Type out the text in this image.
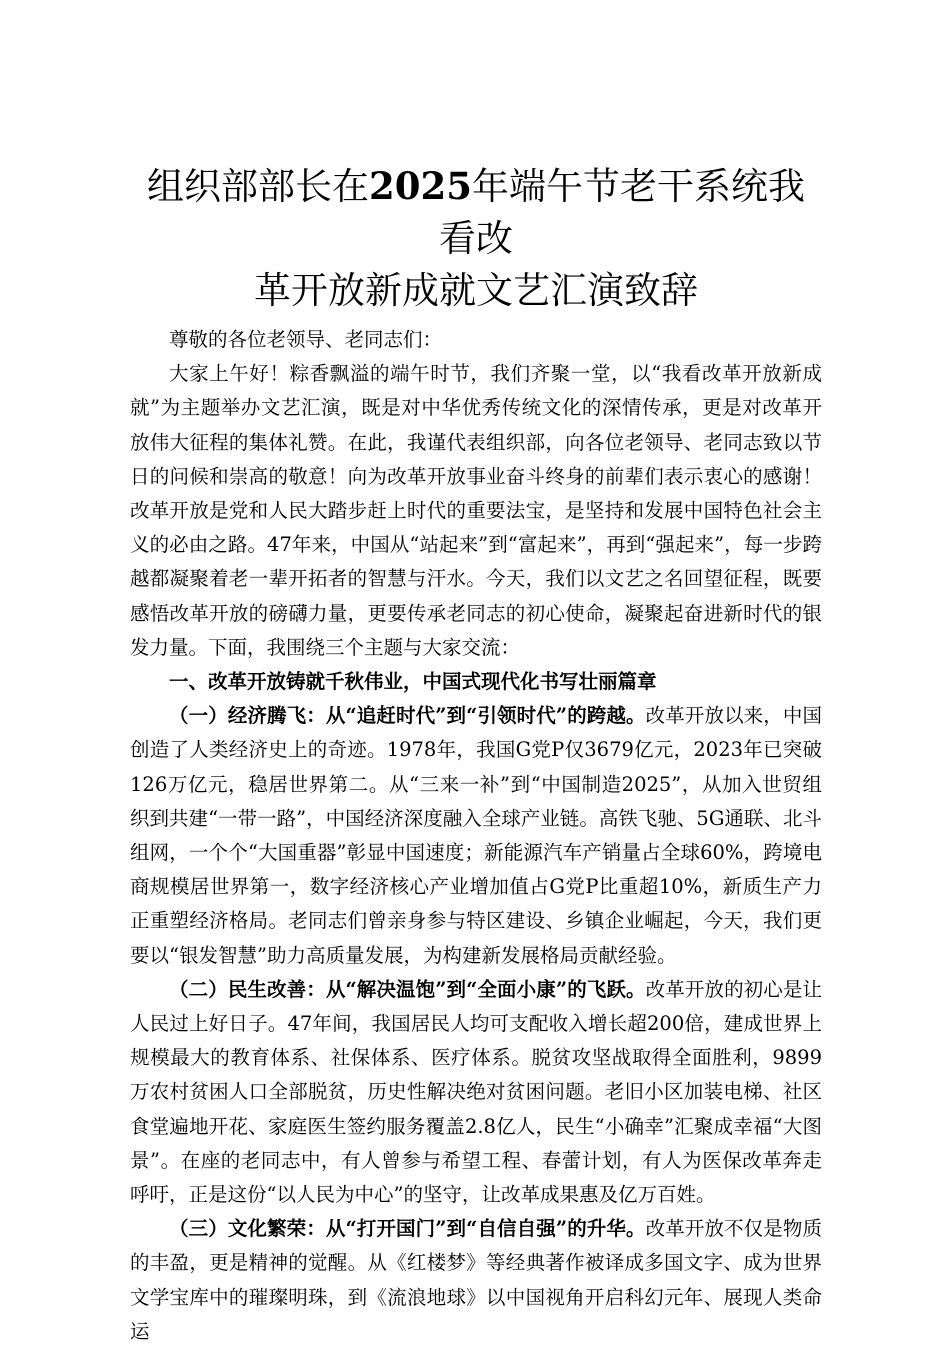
组织部部长在2025年端午节老干系统我看改
革开放新成就文艺汇演致辞

尊敬的各位老领导、老同志们：

大家上午好！粽香飘溢的端午时节，我们齐聚一堂，以“我看改革开放新成就”为主题举办文艺汇演，既是对中华优秀传统文化的深情传承，更是对改革开放伟大征程的集体礼赞。在此，我谨代表组织部，向各位老领导、老同志致以节日的问候和崇高的敬意！向为改革开放事业奋斗终身的前辈们表示衷心的感谢！改革开放是党和人民大踏步赶上时代的重要法宝，是坚持和发展中国特色社会主义的必由之路。47年来，中国从“站起来”到“富起来”，再到“强起来”，每一步跨越都凝聚着老一辈开拓者的智慧与汗水。今天，我们以文艺之名回望征程，既要感悟改革开放的磅礴力量，更要传承老同志的初心使命，凝聚起奋进新时代的银发力量。下面，我围绕三个主题与大家交流：

一、改革开放铸就千秋伟业，中国式现代化书写壮丽篇章

（一）经济腾飞：从“追赶时代”到“引领时代”的跨越。改革开放以来，中国创造了人类经济史上的奇迹。1978年，我国G党P仅3679亿元，2023年已突破126万亿元，稳居世界第二。从“三来一补”到“中国制造2025”，从加入世贸组织到共建“一带一路”，中国经济深度融入全球产业链。高铁飞驰、5G通联、北斗组网，一个个“大国重器”彰显中国速度；新能源汽车产销量占全球60%，跨境电商规模居世界第一，数字经济核心产业增加值占G党P比重超10%，新质生产力正重塑经济格局。老同志们曾亲身参与特区建设、乡镇企业崛起，今天，我们更要以“银发智慧”助力高质量发展，为构建新发展格局贡献经验。

（二）民生改善：从“解决温饱”到“全面小康”的飞跃。改革开放的初心是让人民过上好日子。47年间，我国居民人均可支配收入增长超200倍，建成世界上规模最大的教育体系、社保体系、医疗体系。脱贫攻坚战取得全面胜利，9899万农村贫困人口全部脱贫，历史性解决绝对贫困问题。老旧小区加装电梯、社区食堂遍地开花、家庭医生签约服务覆盖2.8亿人，民生“小确幸”汇聚成幸福“大图景”。在座的老同志中，有人曾参与希望工程、春蕾计划，有人为医保改革奔走呼吁，正是这份“以人民为中心”的坚守，让改革成果惠及亿万百姓。

（三）文化繁荣：从“打开国门”到“自信自强”的升华。改革开放不仅是物质的丰盈，更是精神的觉醒。从《红楼梦》等经典著作被译成多国文字、成为世界文学宝库中的璀璨明珠，到《流浪地球》以中国视角开启科幻元年、展现人类命运
